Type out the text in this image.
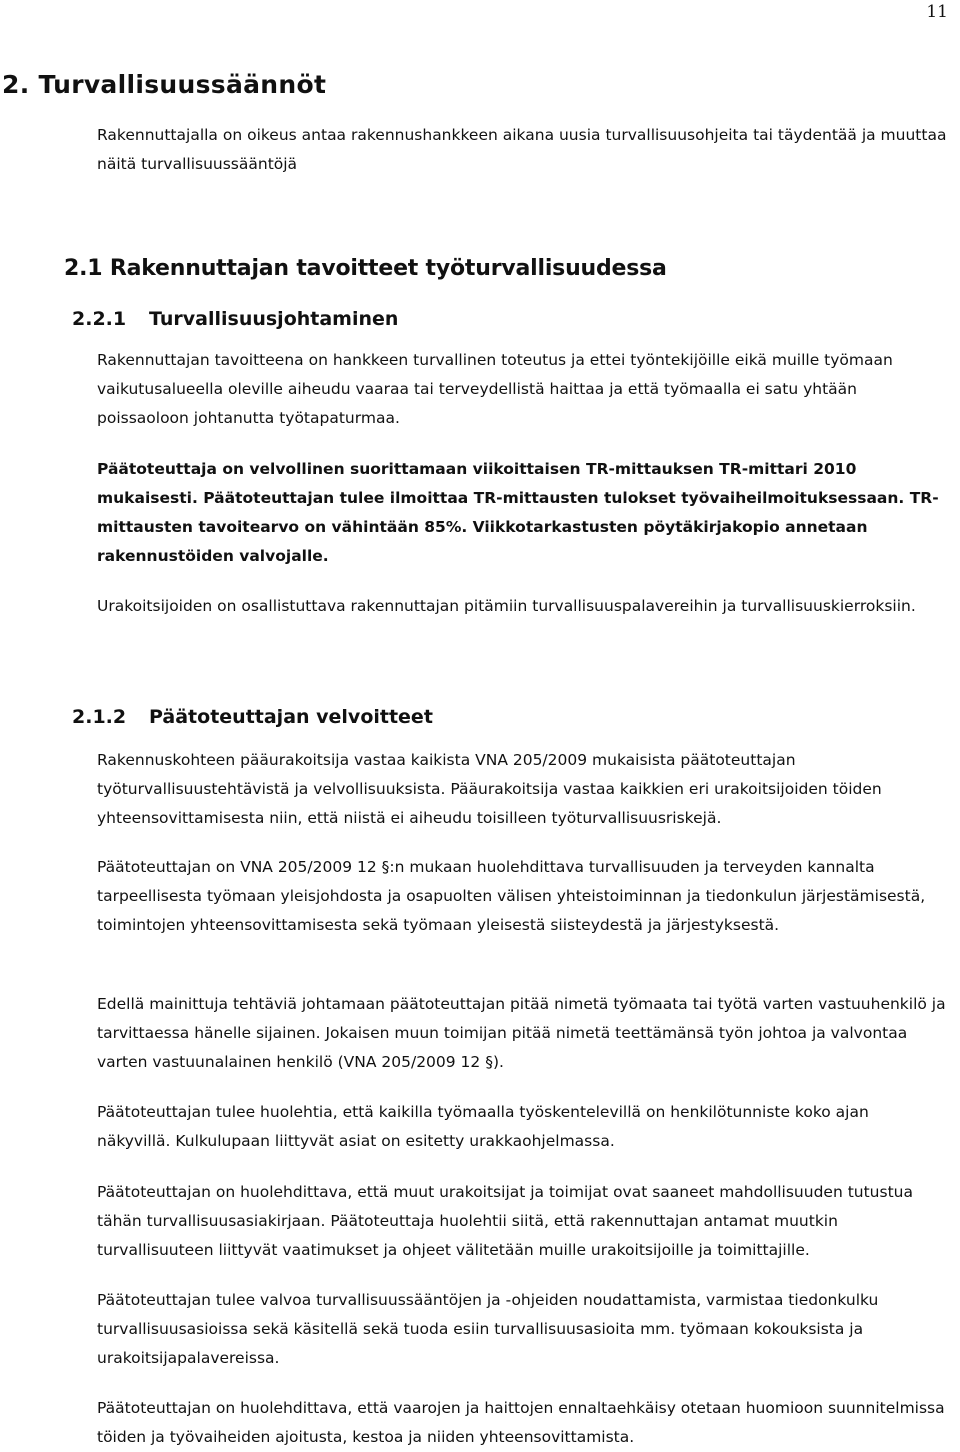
11
2. Turvallisuussäännöt

Rakennuttajalla on oikeus antaa rakennushankkeen aikana uusia turvallisuusohjeita tai täydentää ja muuttaa näitä turvallisuussääntöjä

2.1 Rakennuttajan tavoitteet työturvallisuudessa
2.2.1 Turvallisuusjohtaminen

Rakennuttajan tavoitteena on hankkeen turvallinen toteutus ja ettei työntekijöille eikä muille työmaan vaikutusalueella oleville aiheudu vaaraa tai terveydellistä haittaa ja että työmaalla ei satu yhtään poissaoloon johtanutta työtapaturmaa.

Päätoteuttaja on velvollinen suorittamaan viikoittaisen TR-mittauksen TR-mittari 2010 mukaisesti. Päätoteuttajan tulee ilmoittaa TR-mittausten tulokset työvaiheilmoituksessaan. TR-mittausten tavoitearvo on vähintään 85%. Viikkotarkastusten pöytäkirjakopio annetaan rakennustöiden valvojalle.

Urakoitsijoiden on osallistuttava rakennuttajan pitämiin turvallisuuspalavereihin ja turvallisuuskierroksiin.

2.1.2 Päätoteuttajan velvoitteet

Rakennuskohteen pääurakoitsija vastaa kaikista VNA 205/2009 mukaisista päätoteuttajan työturvallisuustehtävistä ja velvollisuuksista. Pääurakoitsija vastaa kaikkien eri urakoitsijoiden töiden yhteensovittamisesta niin, että niistä ei aiheudu toisilleen työturvallisuusriskejä.

Päätoteuttajan on VNA 205/2009 12 §:n mukaan huolehdittava turvallisuuden ja terveyden kannalta tarpeellisesta työmaan yleisjohdosta ja osapuolten välisen yhteistoiminnan ja tiedonkulun järjestämisestä, toimintojen yhteensovittamisesta sekä työmaan yleisestä siisteydestä ja järjestyksestä.

Edellä mainittuja tehtäviä johtamaan päätoteuttajan pitää nimetä työmaata tai työtä varten vastuuhenkilö ja tarvittaessa hänelle sijainen. Jokaisen muun toimijan pitää nimetä teettämänsä työn johtoa ja valvontaa varten vastuunalainen henkilö (VNA 205/2009 12 §).

Päätoteuttajan tulee huolehtia, että kaikilla työmaalla työskentelevillä on henkilötunniste koko ajan näkyvillä. Kulkulupaan liittyvät asiat on esitetty urakkaohjelmassa.

Päätoteuttajan on huolehdittava, että muut urakoitsijat ja toimijat ovat saaneet mahdollisuuden tutustua tähän turvallisuusasiakirjaan. Päätoteuttaja huolehtii siitä, että rakennuttajan antamat muutkin turvallisuuteen liittyvät vaatimukset ja ohjeet välitetään muille urakoitsijoille ja toimittajille.

Päätoteuttajan tulee valvoa turvallisuussääntöjen ja -ohjeiden noudattamista, varmistaa tiedonkulku turvallisuusasioissa sekä käsitellä sekä tuoda esiin turvallisuusasioita mm. työmaan kokouksista ja urakoitsijapalavereissa.

Päätoteuttajan on huolehdittava, että vaarojen ja haittojen ennaltaehkäisy otetaan huomioon suunnitelmissa töiden ja työvaiheiden ajoitusta, kestoa ja niiden yhteensovittamista.
